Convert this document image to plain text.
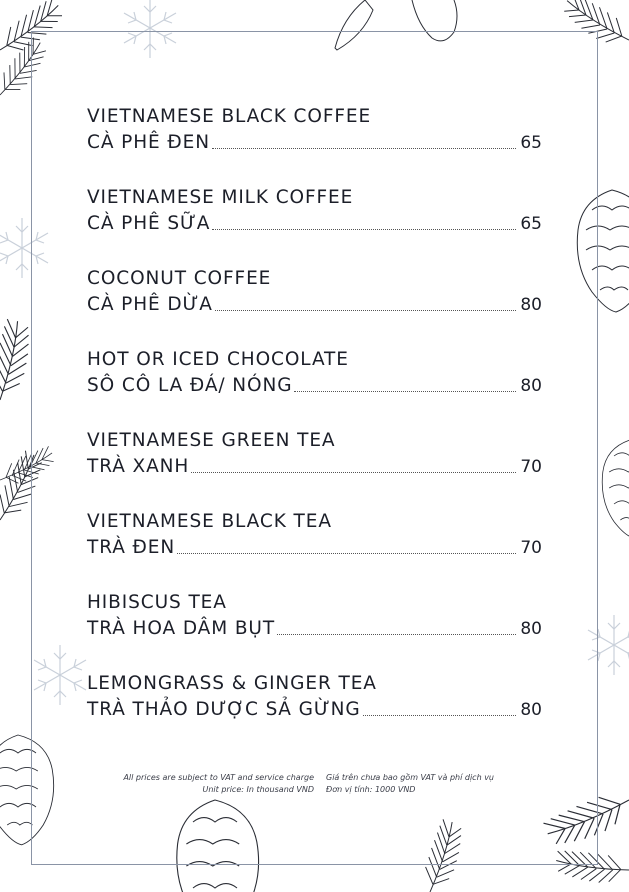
VIETNAMESE BLACK COFFEE
CÀ PHÊ ĐEN	65
VIETNAMESE MILK COFFEE
CÀ PHÊ SỮA	65
COCONUT COFFEE
CÀ PHÊ DỪA	80
HOT OR ICED CHOCOLATE
SÔ CÔ LA ĐÁ/ NÓNG	80
VIETNAMESE GREEN TEA
TRÀ XANH	70
VIETNAMESE BLACK TEA
TRÀ ĐEN	70
HIBISCUS TEA
TRÀ HOA DÂM BỤT	80
LEMONGRASS & GINGER TEA
TRÀ THẢO DƯỢC SẢ GỪNG	80
All prices are subject to VAT and service charge
Unit price: In thousand VND
Giá trên chưa bao gồm VAT và phí dịch vụ
Đơn vị tính: 1000 VND
